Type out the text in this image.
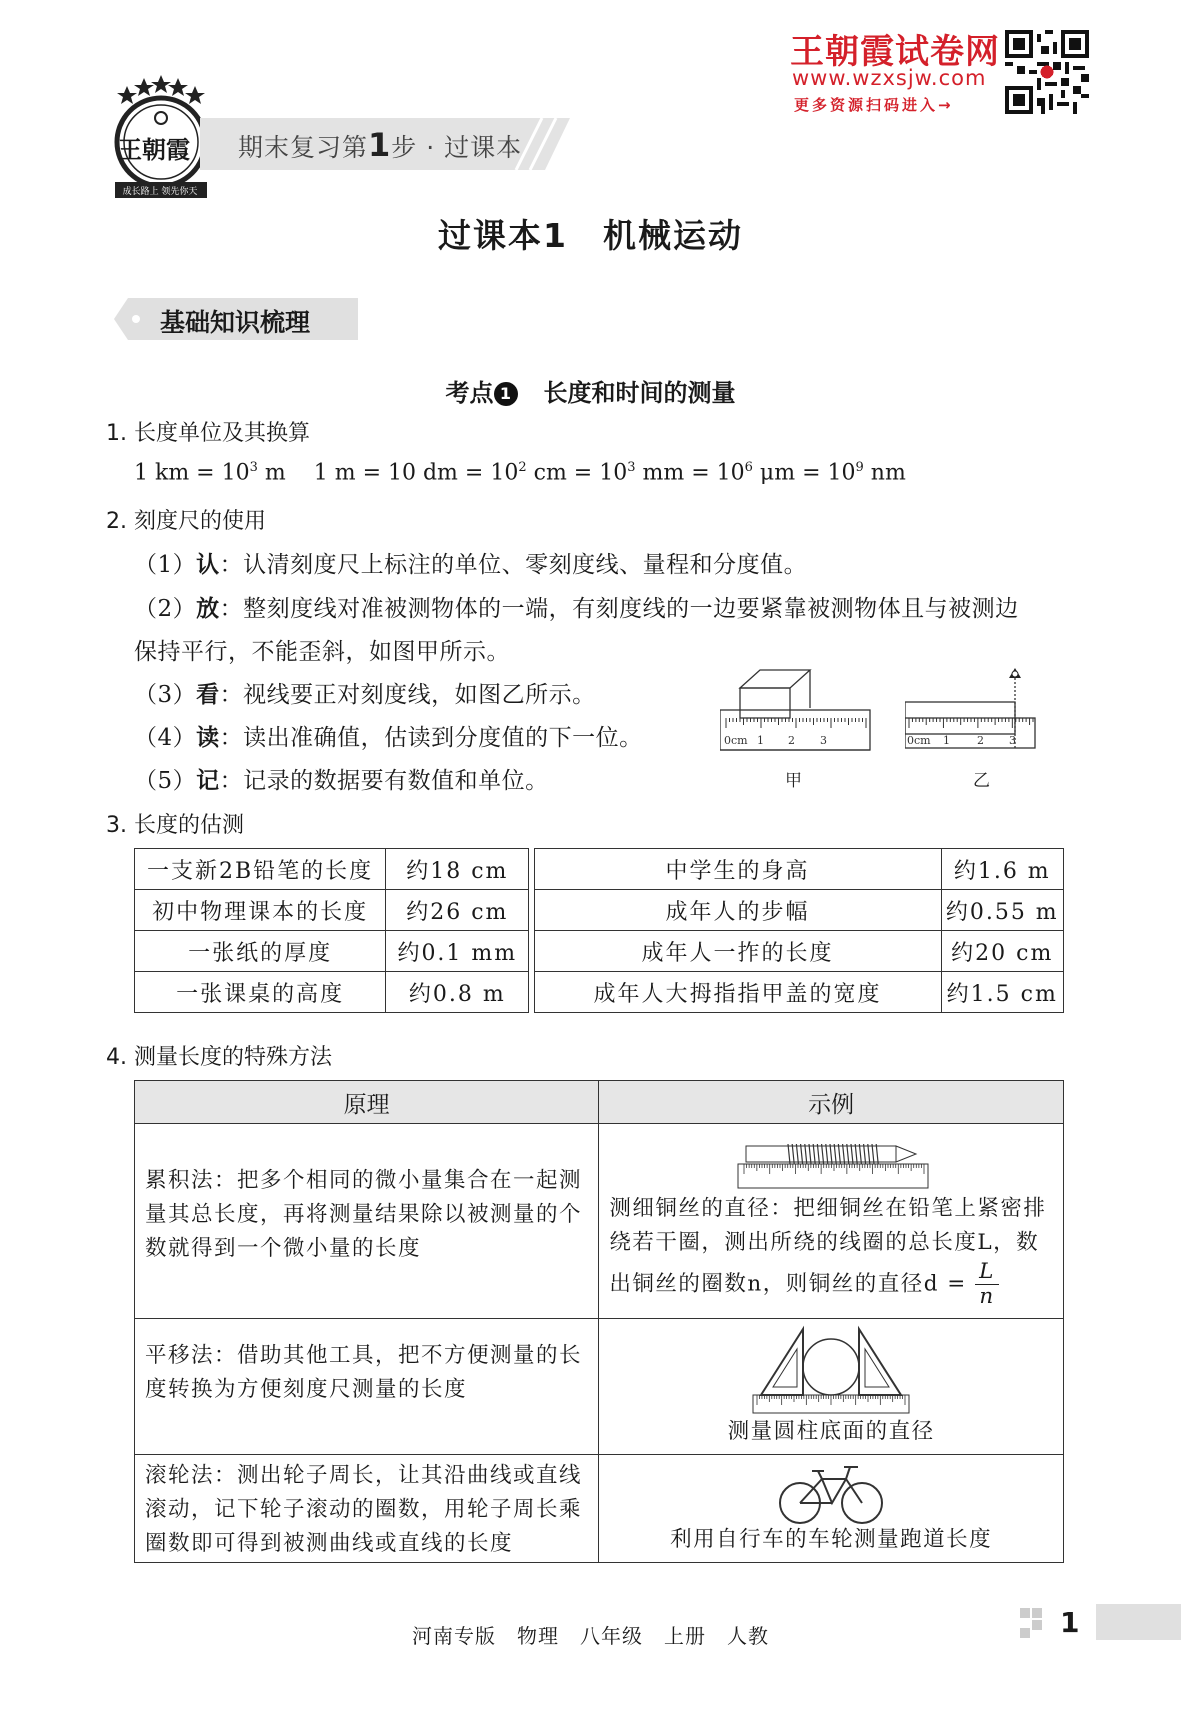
王朝霞
成长路上 领先你天
期末复习第1步 · 过课本
王朝霞试卷网
www.wzxsjw.com
更多资源扫码进入→
过课本1　机械运动
基础知识梳理
考点 1 长度和时间的测量
1. 长度单位及其换算
1 km = $10^3$ m    1 m = 10 dm = $10^2$ cm = $10^3$ mm = $10^6$ $\mu m = 10^9$ nm
2. 刻度尺的使用
（1）认：认清刻度尺上标注的单位、零刻度线、量程和分度值。
（2）放：整刻度线对准被测物体的一端，有刻度线的一边要紧靠被测物体且与被测边
保持平行，不能歪斜，如图甲所示。
（3）看：视线要正对刻度线，如图乙所示。
（4）读：读出准确值，估读到分度值的下一位。
（5）记：记录的数据要有数值和单位。
0cm 1 2 3
甲
0cm 1 2 3
乙
3. 长度的估测
一支新2B铅笔的长度	约18 cm		中学生的身高	约1.6 m
初中物理课本的长度	约26 cm		成年人的步幅	约0.55 m
一张纸的厚度	约0.1 mm		成年人一拃的长度	约20 cm
一张课桌的高度	约0.8 m		成年人大拇指指甲盖的宽度	约1.5 cm
4. 测量长度的特殊方法
原理	示例
累积法：把多个相同的微小量集合在一起测量其总长度，再将测量结果除以被测量的个数就得到一个微小量的长度	测细铜丝的直径：把细铜丝在铅笔上紧密排绕若干圈，测出所绕的线圈的总长度L，数出铜丝的圈数n，则铜丝的直径$d = \frac{L}{n}$

平移法：借助其他工具，把不方便测量的长度转换为方便刻度尺测量的长度	测量圆柱底面的直径

滚轮法：测出轮子周长，让其沿曲线或直线滚动，记下轮子滚动的圈数，用轮子周长乘圈数即可得到被测曲线或直线的长度	利用自行车的车轮测量跑道长度
河南专版　物理　八年级　上册　人教	1
